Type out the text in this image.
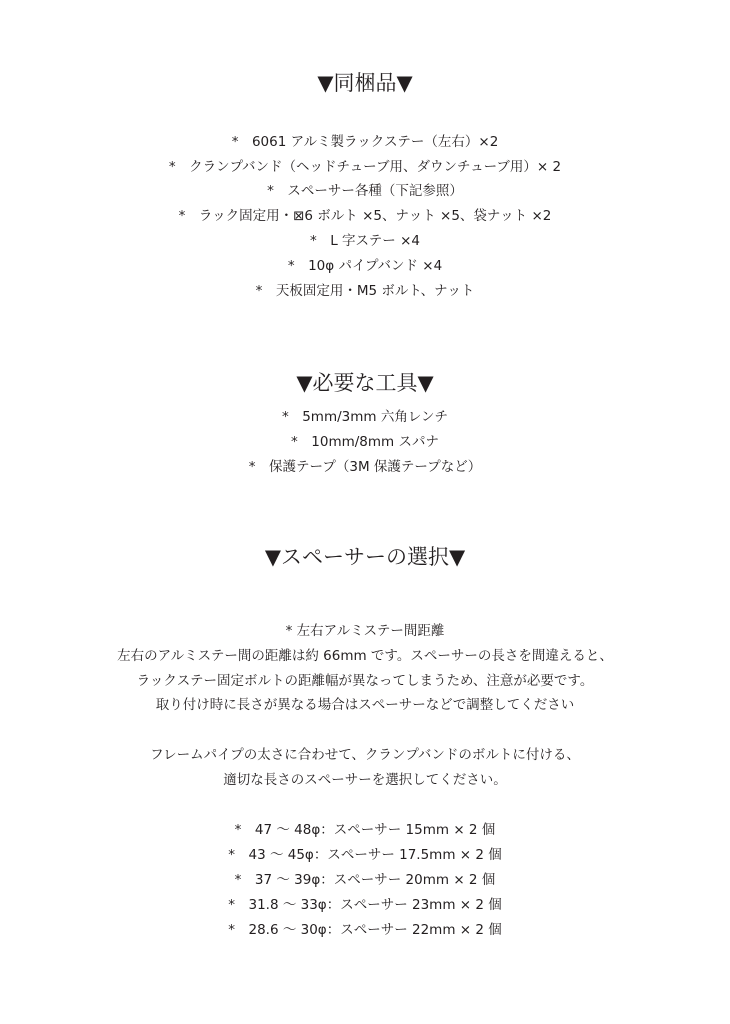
▼同梱品▼
*　6061 アルミ製ラックステー（左右）×2
*　クランプバンド（ヘッドチューブ用、ダウンチューブ用）× 2
*　スペーサー各種（下記参照）
*　ラック固定用・⊠6 ボルト ×5、ナット ×5、袋ナット ×2
*　L 字ステー ×4
*　10φ パイプバンド ×4
*　天板固定用・M5 ボルト、ナット
▼必要な工具▼
*　5mm/3mm 六角レンチ
*　10mm/8mm スパナ
*　保護テープ（3M 保護テープなど）
▼スペーサーの選択▼
* 左右アルミステー間距離
左右のアルミステー間の距離は約 66mm です。スペーサーの長さを間違えると、
ラックステー固定ボルトの距離幅が異なってしまうため、注意が必要です。
取り付け時に長さが異なる場合はスペーサーなどで調整してください
フレームパイプの太さに合わせて、クランプバンドのボルトに付ける、
適切な長さのスペーサーを選択してください。
*　47 ～ 48φ：スペーサー 15mm × 2 個
*　43 ～ 45φ：スペーサー 17.5mm × 2 個
*　37 ～ 39φ：スペーサー 20mm × 2 個
*　31.8 ～ 33φ：スペーサー 23mm × 2 個
*　28.6 ～ 30φ：スペーサー 22mm × 2 個
